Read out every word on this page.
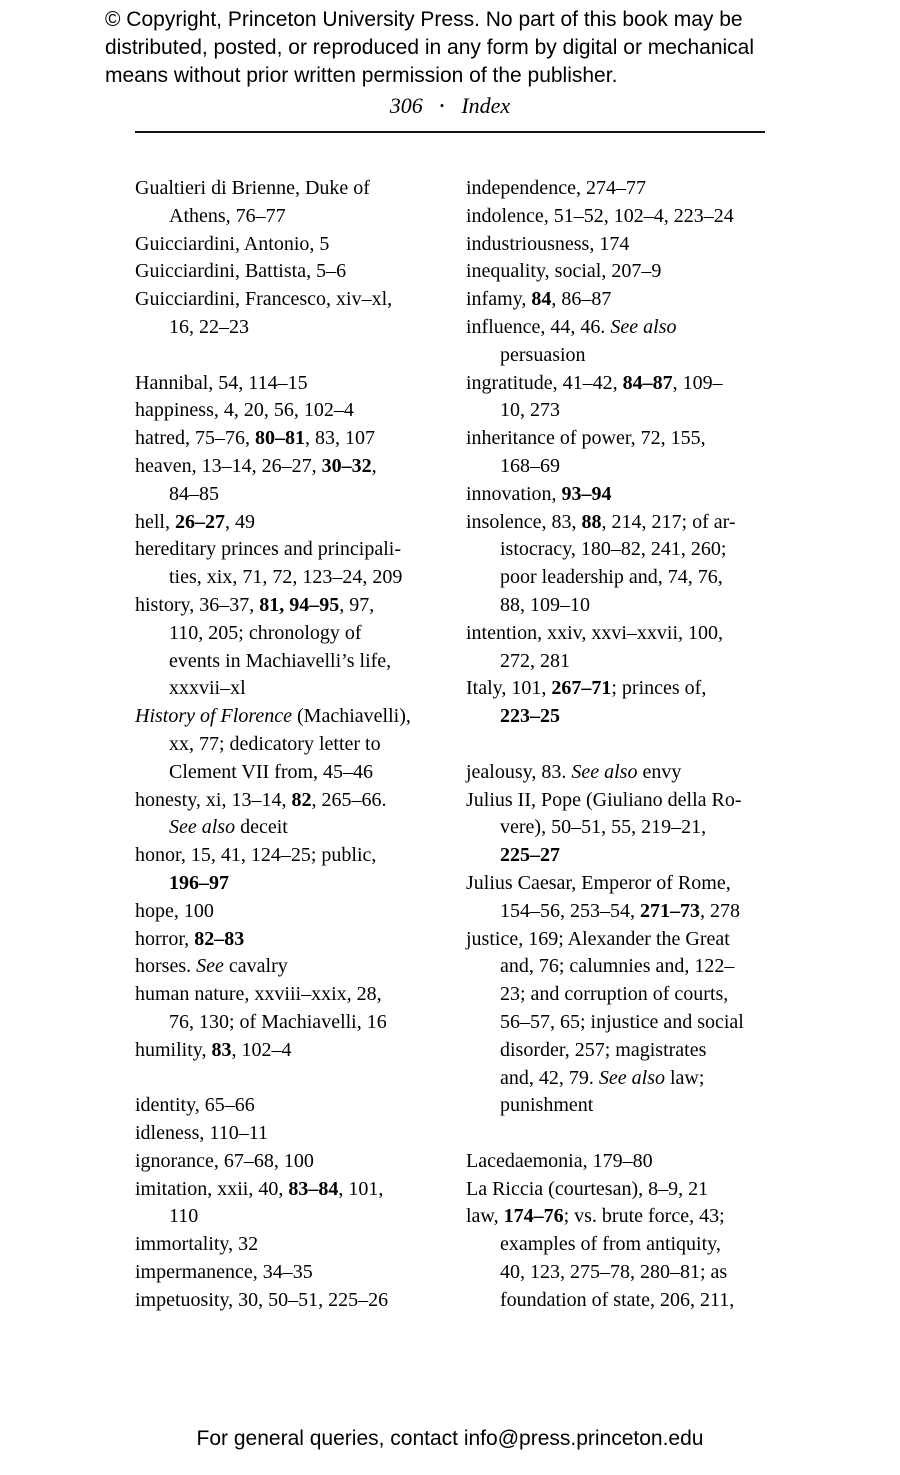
© Copyright, Princeton University Press. No part of this book may be
distributed, posted, or reproduced in any form by digital or mechanical
means without prior written permission of the publisher.
306 • Index
Gualtieri di Brienne, Duke of
Athens, 76–77
Guicciardini, Antonio, 5
Guicciardini, Battista, 5–6
Guicciardini, Francesco, xiv–xl,
16, 22–23
Hannibal, 54, 114–15
happiness, 4, 20, 56, 102–4
hatred, 75–76, 80–81, 83, 107
heaven, 13–14, 26–27, 30–32,
84–85
hell, 26–27, 49
hereditary princes and principali-
ties, xix, 71, 72, 123–24, 209
history, 36–37, 81, 94–95, 97,
110, 205; chronology of
events in Machiavelli’s life,
xxxvii–xl
History of Florence (Machiavelli),
xx, 77; dedicatory letter to
Clement VII from, 45–46
honesty, xi, 13–14, 82, 265–66.
See also deceit
honor, 15, 41, 124–25; public,
196–97
hope, 100
horror, 82–83
horses. See cavalry
human nature, xxviii–xxix, 28,
76, 130; of Machiavelli, 16
humility, 83, 102–4
identity, 65–66
idleness, 110–11
ignorance, 67–68, 100
imitation, xxii, 40, 83–84, 101,
110
immortality, 32
impermanence, 34–35
impetuosity, 30, 50–51, 225–26
independence, 274–77
indolence, 51–52, 102–4, 223–24
industriousness, 174
inequality, social, 207–9
infamy, 84, 86–87
influence, 44, 46. See also
persuasion
ingratitude, 41–42, 84–87, 109–
10, 273
inheritance of power, 72, 155,
168–69
innovation, 93–94
insolence, 83, 88, 214, 217; of ar-
istocracy, 180–82, 241, 260;
poor leadership and, 74, 76,
88, 109–10
intention, xxiv, xxvi–xxvii, 100,
272, 281
Italy, 101, 267–71; princes of,
223–25
jealousy, 83. See also envy
Julius II, Pope (Giuliano della Ro-
vere), 50–51, 55, 219–21,
225–27
Julius Caesar, Emperor of Rome,
154–56, 253–54, 271–73, 278
justice, 169; Alexander the Great
and, 76; calumnies and, 122–
23; and corruption of courts,
56–57, 65; injustice and social
disorder, 257; magistrates
and, 42, 79. See also law;
punishment
Lacedaemonia, 179–80
La Riccia (courtesan), 8–9, 21
law, 174–76; vs. brute force, 43;
examples of from antiquity,
40, 123, 275–78, 280–81; as
foundation of state, 206, 211,
For general queries, contact info@press.princeton.edu
